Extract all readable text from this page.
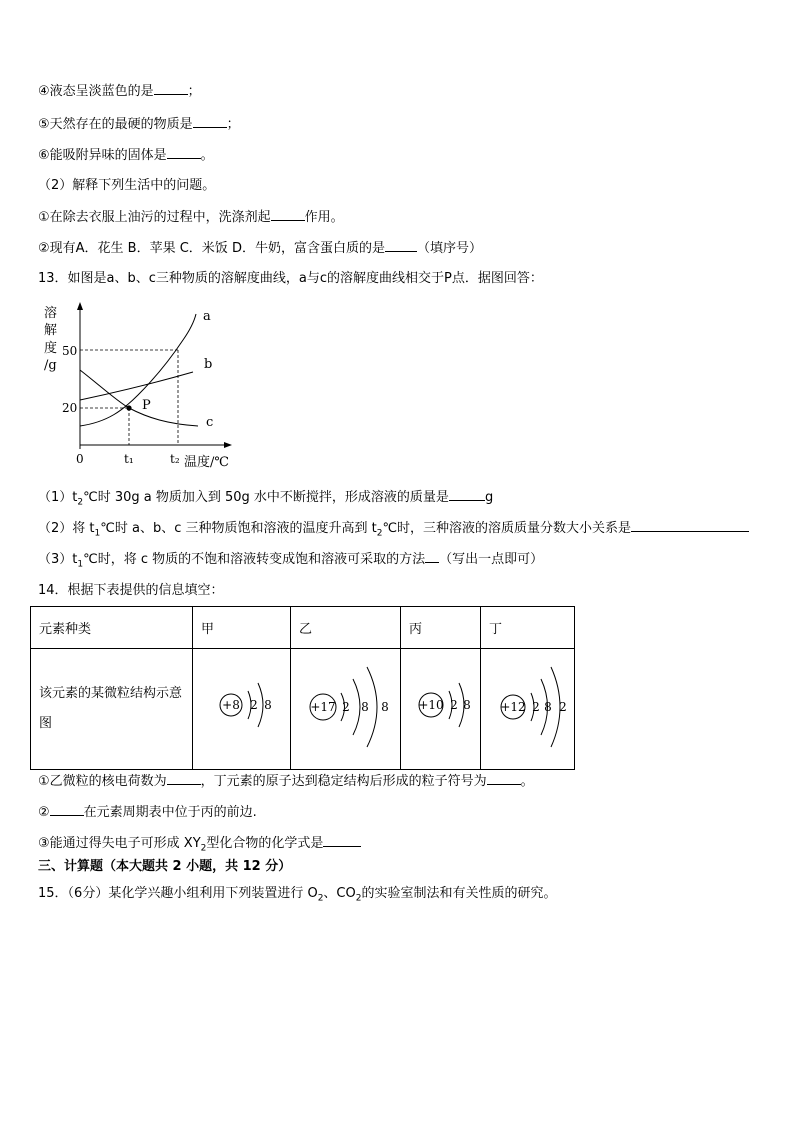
④液态呈淡蓝色的是	；
⑤天然存在的最硬的物质是	；
⑥能吸附异味的固体是	。
（2）解释下列生活中的问题。
①在除去衣服上油污的过程中，洗涤剂起	作用。
②现有A．花生 B．苹果 C．米饭 D．牛奶，富含蛋白质的是 （填序号）
13．如图是a、b、c三种物质的溶解度曲线，a与c的溶解度曲线相交于P点．据图回答：
溶
解
度
/g
50
20
0	t₁	t₂ 温度/℃
a
b
c
P
$(1)t_2℃$时 30g a 物质加入到 50g 水中不断搅拌，形成溶液的质量是	g
（2）将 $t_1℃$时 a、b、c 三种物质饱和溶液的温度升高到 $t_2℃$时，三种溶液的溶质质量分数大小关系是
$(3)t_1℃$时，将 c 物质的不饱和溶液转变成饱和溶液可采取的方法 （写出一点即可）
14．根据下表提供的信息填空：
元素种类	甲	乙	丙	丁
该元素的某微粒结构示意图	+8 2 8	+17 2 8 8	+10 2 8	+12 2 8 2
①乙微粒的核电荷数为	，丁元素的原子达到稳定结构后形成的粒子符号为	。
②	在元素周期表中位于丙的前边.
③能通过得失电子可形成 $XY_2$型化合物的化学式是
三、计算题（本大题共 2 小题，共 12 分）
15．（6分）某化学兴趣小组利用下列装置进行 $O_2$、$CO_2$的实验室制法和有关性质的研究。
